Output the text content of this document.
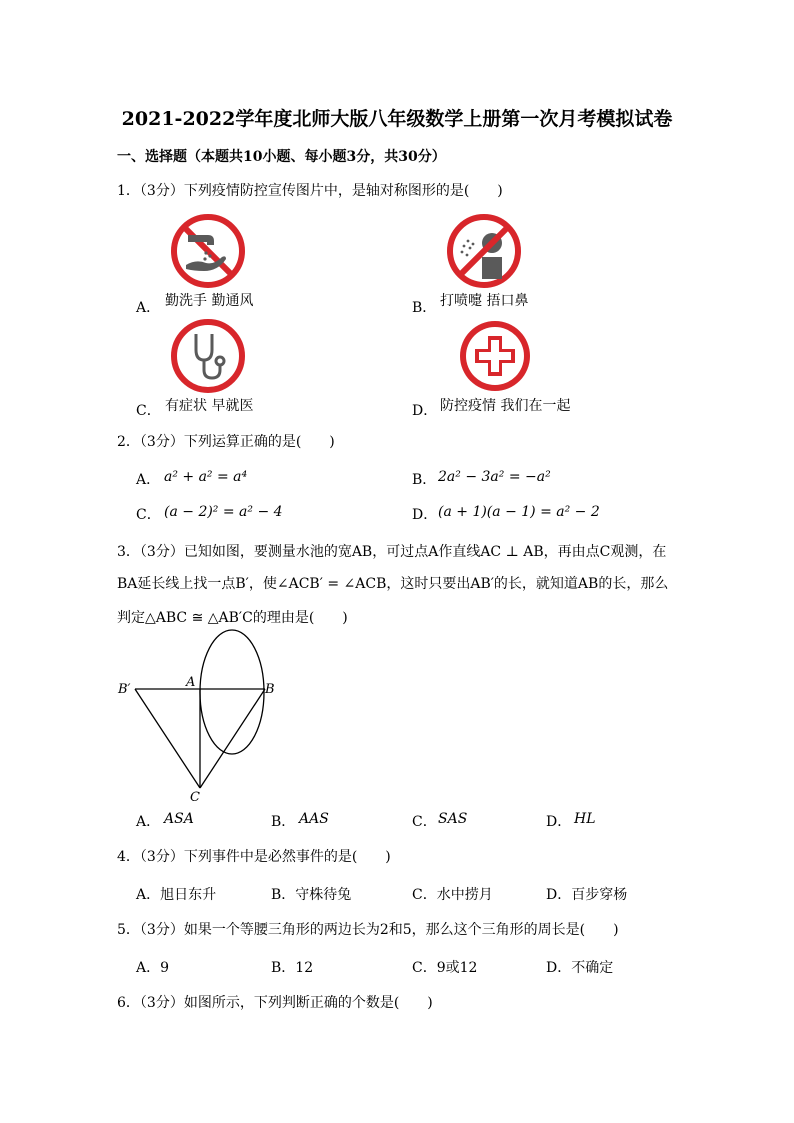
2021-2022学年度北师大版八年级数学上册第一次月考模拟试卷
一、选择题（本题共10小题、每小题3分，共30分）
1．（3分）下列疫情防控宣传图片中，是轴对称图形的是(　　)
A． 勤洗手 勤通风	B． 打喷嚏 捂口鼻
C． 有症状 早就医	D． 防控疫情 我们在一起
2．（3分）下列运算正确的是(　　)
A． a² + a² = a⁴	B． 2a² − 3a² = −a²
C． (a − 2)² = a² − 4	D． (a + 1)(a − 1) = a² − 2
3．（3分）已知如图，要测量水池的宽AB，可过点A作直线AC ⊥ AB，再由点C观测，在
BA延长线上找一点B′，使∠ACB′ = ∠ACB，这时只要出AB′的长，就知道AB的长，那么
判定△ABC ≅ △AB′C的理由是(　　)
B′	A	B
C
A． ASA	B． AAS	C． SAS	D． HL
4．（3分）下列事件中是必然事件的是(　　)
A．旭日东升	B．守株待兔	C．水中捞月	D．百步穿杨
5．（3分）如果一个等腰三角形的两边长为2和5，那么这个三角形的周长是(　　)
A．9	B．12	C．9或12	D．不确定
6．（3分）如图所示，下列判断正确的个数是(　　)
